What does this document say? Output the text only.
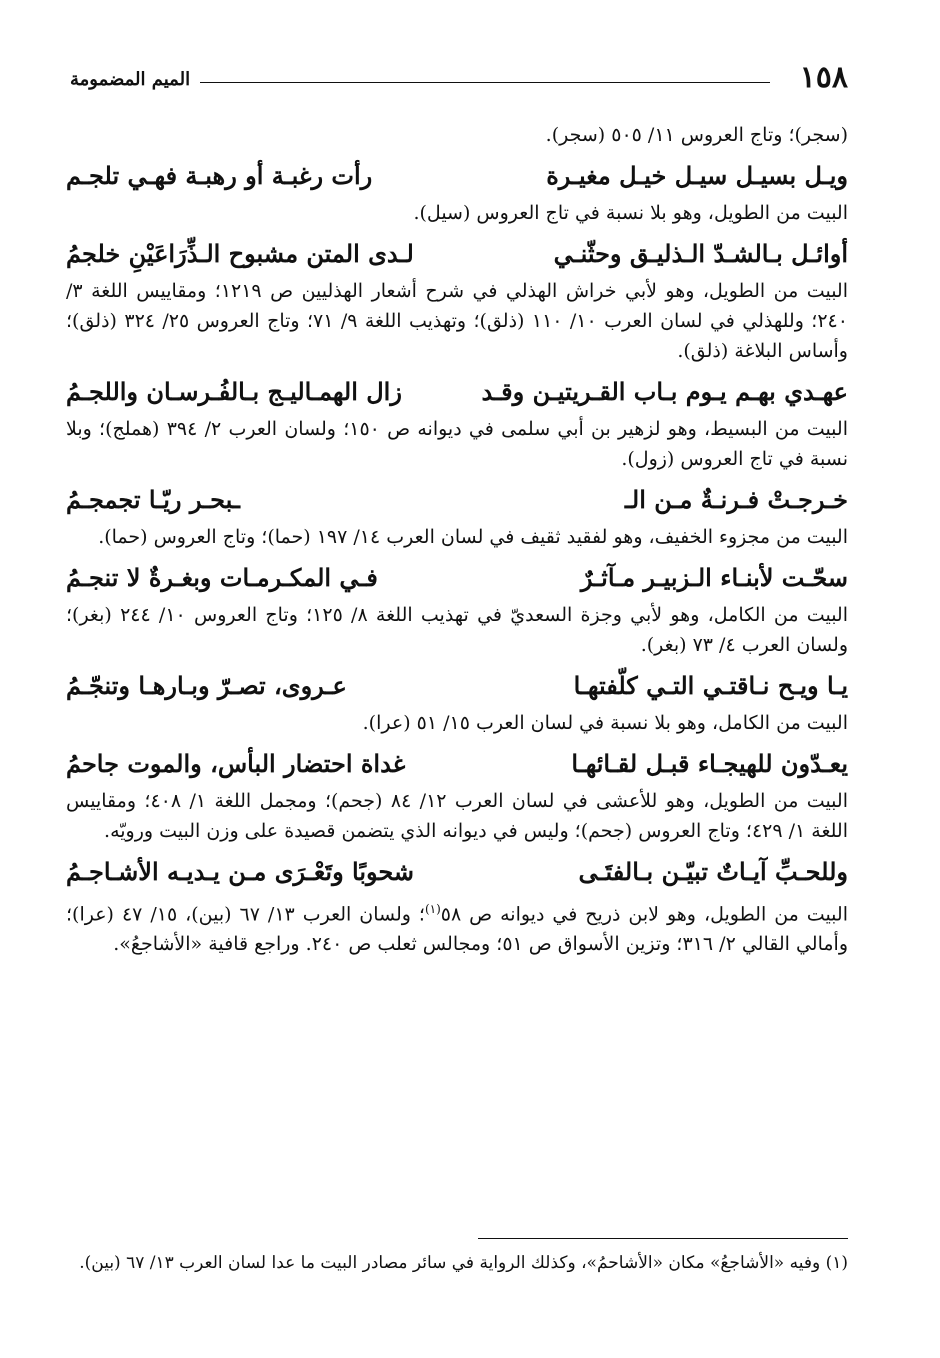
١٥٨
الميم المضمومة

(سجر)؛ وتاج العروس ١١/ ٥٠٥ (سجر).

ويـل بسيـل سيـل خيـل مغيـرة
رأت رغبـة أو رهبـة فهـي تلجـم

البيت من الطويل، وهو بلا نسبة في تاج العروس (سيل).

أوائـل بـالشـدّ الـذليـق وحثّنـي
لـدى المتن مشبوح الـذِّرَاعَيْنِ خلجمُ

البيت من الطويل، وهو لأبي خراش الهذلي في شرح أشعار الهذليين ص ١٢١٩؛ ومقاييس اللغة ٣/ ٢٤٠؛ وللهذلي في لسان العرب ١٠/ ١١٠ (ذلق)؛ وتهذيب اللغة ٩/ ٧١؛ وتاج العروس ٢٥/ ٣٢٤ (ذلق)؛ وأساس البلاغة (ذلق).

عهـدي بهـم يـوم بـاب القـريتيـن وقـد
زال الهمـاليـج بـالفُـرسـان واللجـمُ

البيت من البسيط، وهو لزهير بن أبي سلمى في ديوانه ص ١٥٠؛ ولسان العرب ٢/ ٣٩٤ (هملج)؛ وبلا نسبة في تاج العروس (زول).

خـرجـتْ فـرنـةٌ مـن الـ
ـبحـر ريّـا تجمجـمُ

البيت من مجزوء الخفيف، وهو لفقيد ثقيف في لسان العرب ١٤/ ١٩٧ (حما)؛ وتاج العروس (حما).

سحّـت لأبنـاء الـزبيـر مـآثـرٌ
فـي المكـرمـات وبغـرةٌ لا تنجـمُ

البيت من الكامل، وهو لأبي وجزة السعديّ في تهذيب اللغة ٨/ ١٢٥؛ وتاج العروس ١٠/ ٢٤٤ (بغر)؛ ولسان العرب ٤/ ٧٣ (بغر).

يـا ويـح نـاقتـي التـي كلّفتهـا
عـروى، تصـرّ وبـارهـا وتنجّـمُ

البيت من الكامل، وهو بلا نسبة في لسان العرب ١٥/ ٥١ (عرا).

يعـدّون للهيجـاء قبـل لقـائهـا
غداة احتضار البأس، والموت جاحمُ

البيت من الطويل، وهو للأعشى في لسان العرب ١٢/ ٨٤ (جحم)؛ ومجمل اللغة ١/ ٤٠٨؛ ومقاييس اللغة ١/ ٤٢٩؛ وتاج العروس (جحم)؛ وليس في ديوانه الذي يتضمن قصيدة على وزن البيت ورويّه.

وللحـبِّ آيـاتٌ تبيّـن بـالفتَـى
شحوبًا وتَعْـرَى مـن يـديـه الأشـاجـمُ

البيت من الطويل، وهو لابن ذريح في ديوانه ص ٥٨$^{(١)}$؛ ولسان العرب ١٣/ ٦٧ (بين)، ١٥/ ٤٧ (عرا)؛ وأمالي القالي ٢/ ٣١٦؛ وتزين الأسواق ص ٥١؛ ومجالس ثعلب ص ٢٤٠. وراجع قافية «الأشاجعُ».

(١) وفيه «الأشاجعُ» مكان «الأشاحمُ»، وكذلك الرواية في سائر مصادر البيت ما عدا لسان العرب ١٣/ ٦٧ (بين).
